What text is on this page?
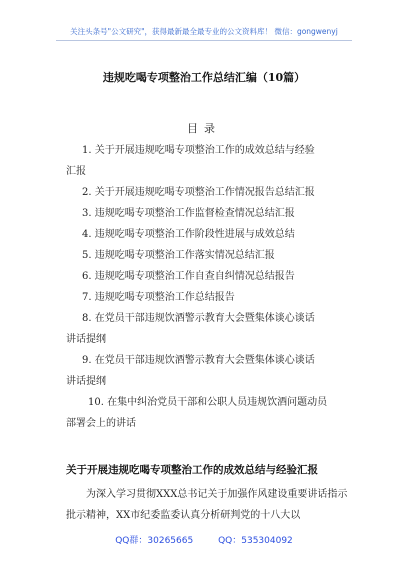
关注头条号"公文研究"，获得最新最全最专业的公文资料库！ 微信：gongwenyj
违规吃喝专项整治工作总结汇编（10篇）
目录
1. 关于开展违规吃喝专项整治工作的成效总结与经验
汇报
2. 关于开展违规吃喝专项整治工作情况报告总结汇报
3. 违规吃喝专项整治工作监督检查情况总结汇报
4. 违规吃喝专项整治工作阶段性进展与成效总结
5. 违规吃喝专项整治工作落实情况总结汇报
6. 违规吃喝专项整治工作自查自纠情况总结报告
7. 违规吃喝专项整治工作总结报告
8. 在党员干部违规饮酒警示教育大会暨集体谈心谈话
讲话提纲
9. 在党员干部违规饮酒警示教育大会暨集体谈心谈话
讲话提纲
10. 在集中纠治党员干部和公职人员违规饮酒问题动员
部署会上的讲话
关于开展违规吃喝专项整治工作的成效总结与经验汇报
为深入学习贯彻XXX总书记关于加强作风建设重要讲话指示批示精神，XX市纪委监委认真分析研判党的十八大以
QQ群：30265665	QQ：535304092
